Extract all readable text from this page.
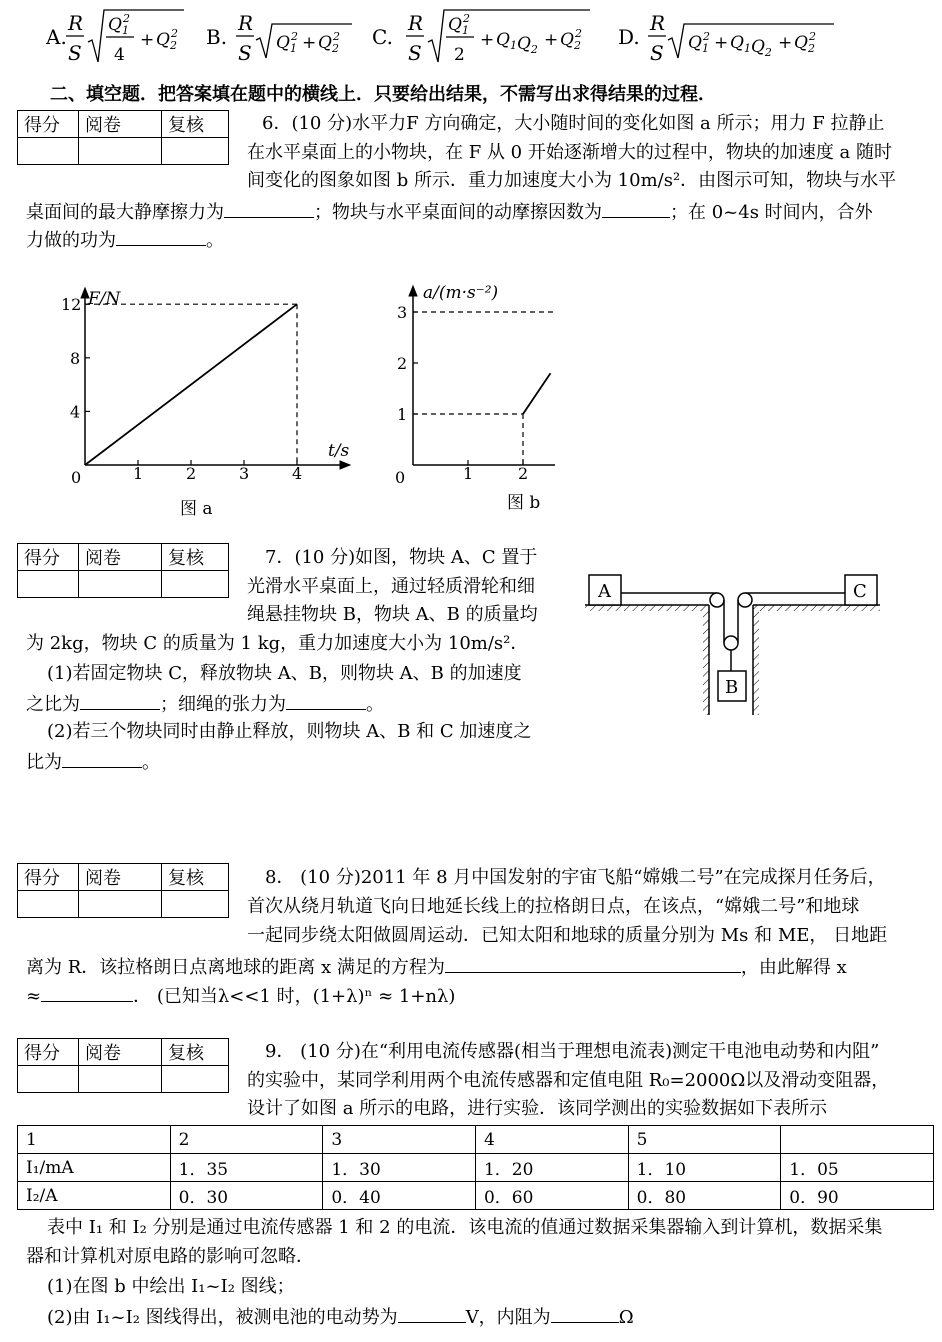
A.
R
S
$Q_12$
4
+ $Q_22$ B.
R
S $Q_12 + Q_22$ C.
R
S
$Q_12$
2
+ $Q_1Q_2 + Q_22$ D.
R
S $Q_12 + Q_1Q_2 + Q_22$
二、填空题．把答案填在题中的横线上．只要给出结果，不需写出求得结果的过程．
得分	阅卷	复核
			6．(10 分)水平力F 方向确定，大小随时间的变化如图 a 所示；用力 F 拉静止
在水平桌面上的小物块，在 F 从 0 开始逐渐增大的过程中，物块的加速度 a 随时
间变化的图象如图 b 所示．重力加速度大小为 10m/s²．由图示可知，物块与水平
桌面间的最大静摩擦力为	；物块与水平桌面间的动摩擦因数为	；在 0~4s 时间内，合外
力做的功为	。
F/N
t/s
图 a
0	1	2	3	4
4
8
12
a/(m·s⁻²)
图 b
0	1	2
1
2
3
得分	阅卷	复核
			7．(10 分)如图，物块 A、C 置于
光滑水平桌面上，通过轻质滑轮和细
绳悬挂物块 B，物块 A、B 的质量均
为 2kg，物块 C 的质量为 1 kg，重力加速度大小为 10m/s²．
(1)若固定物块 C，释放物块 A、B，则物块 A、B 的加速度
之比为	；细绳的张力为	。
(2)若三个物块同时由静止释放，则物块 A、B 和 C 加速度之
比为	。
A	C
B
得分	阅卷	复核
			8． (10 分)2011 年 8 月中国发射的宇宙飞船“嫦娥二号”在完成探月任务后，
首次从绕月轨道飞向日地延长线上的拉格朗日点，在该点，“嫦娥二号”和地球
一起同步绕太阳做圆周运动．已知太阳和地球的质量分别为 Ms 和 ME， 日地距
离为 R．该拉格朗日点离地球的距离 x 满足的方程为	，由此解得 x
≈	． (已知当λ<<1 时，(1+λ)ⁿ ≈ 1+nλ)
得分	阅卷	复核
			9． (10 分)在“利用电流传感器(相当于理想电流表)测定干电池电动势和内阻”
的实验中，某同学利用两个电流传感器和定值电阻 R₀=2000Ω以及滑动变阻器，
设计了如图 a 所示的电路，进行实验．该同学测出的实验数据如下表所示
1	2	3	4	5	
I₁/mA	1．35	1．30	1．20	1．10	1．05
I₂/A	0．30	0．40	0．60	0．80	0．90
表中 I₁ 和 I₂ 分别是通过电流传感器 1 和 2 的电流．该电流的值通过数据采集器输入到计算机，数据采集
器和计算机对原电路的影响可忽略．
(1)在图 b 中绘出 I₁~I₂ 图线；
(2)由 I₁~I₂ 图线得出，被测电池的电动势为	V，内阻为	Ω
